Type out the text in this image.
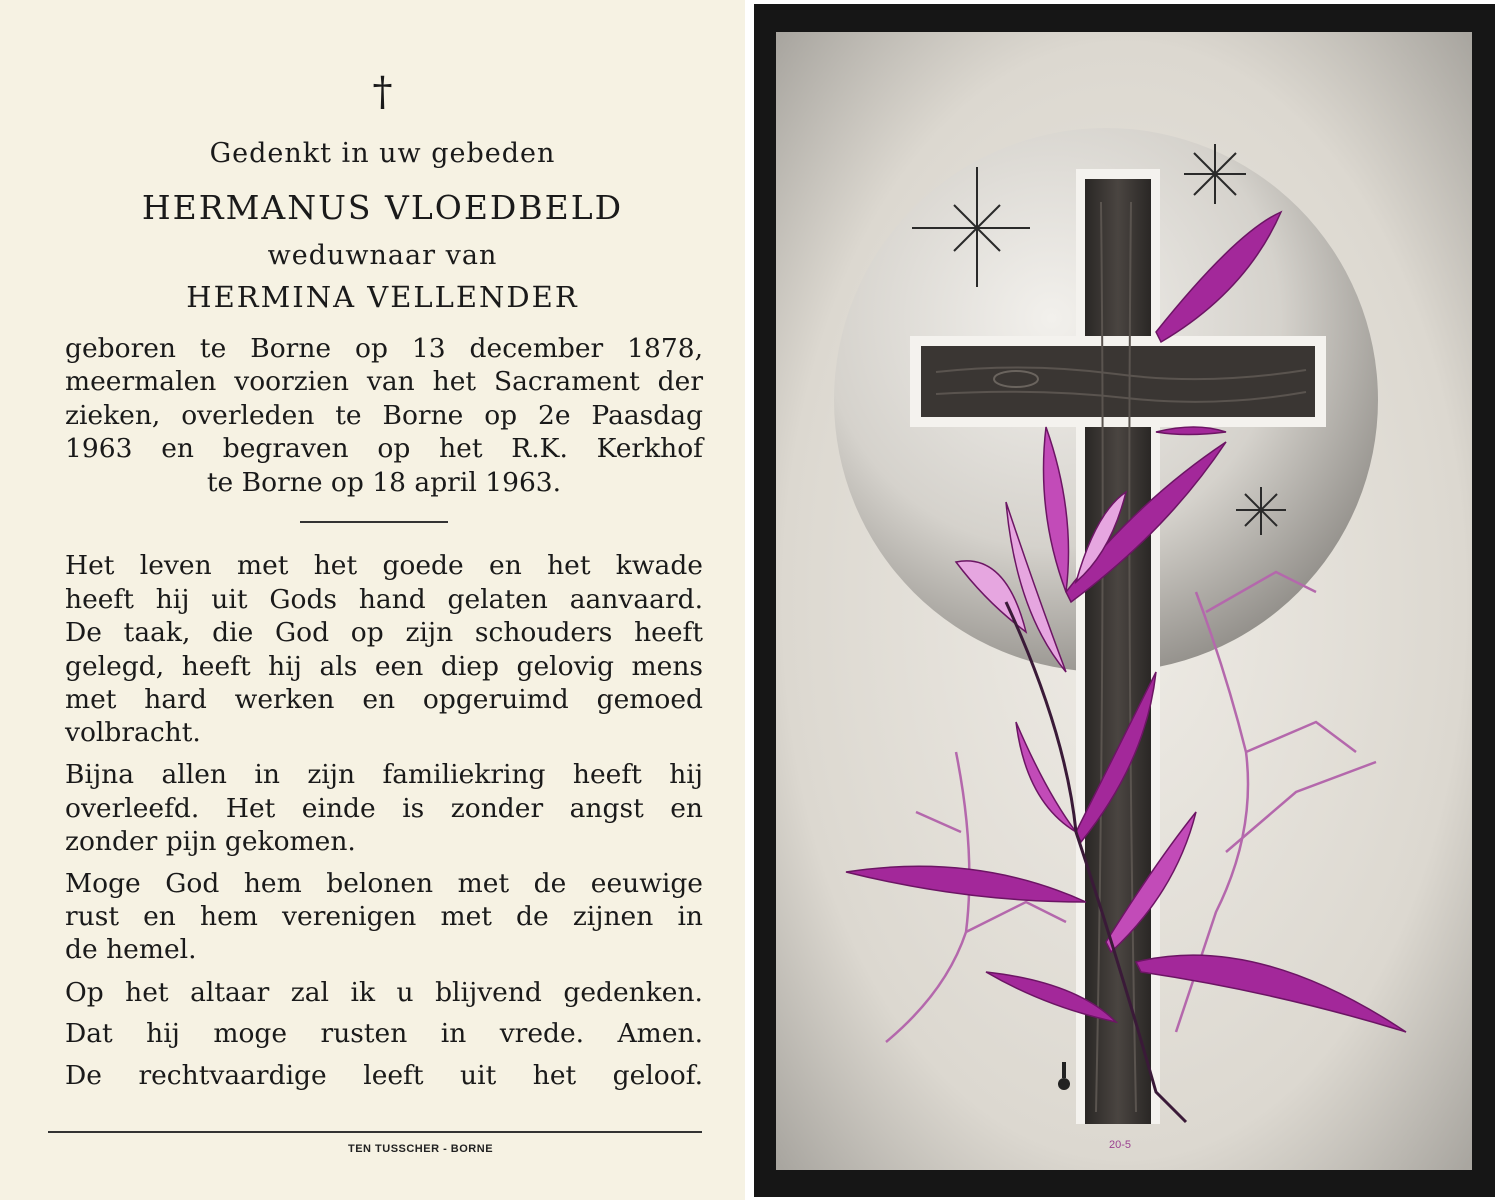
†
Gedenkt in uw gebeden
HERMANUS VLOEDBELD
weduwnaar van
HERMINA VELLENDER
geboren te Borne op 13 december 1878,
meermalen voorzien van het Sacrament der
zieken, overleden te Borne op 2e Paasdag
1963 en begraven op het R.K. Kerkhof
te Borne op 18 april 1963.
Het leven met het goede en het kwade
heeft hij uit Gods hand gelaten aanvaard.
De taak, die God op zijn schouders heeft
gelegd, heeft hij als een diep gelovig mens
met hard werken en opgeruimd gemoed
volbracht.
Bijna allen in zijn familiekring heeft hij
overleefd. Het einde is zonder angst en
zonder pijn gekomen.
Moge God hem belonen met de eeuwige
rust en hem verenigen met de zijnen in
de hemel.
Op het altaar zal ik u blijvend gedenken.
Dat hij moge rusten in vrede. Amen.
De rechtvaardige leeft uit het geloof.
TEN TUSSCHER - BORNE	20-5
